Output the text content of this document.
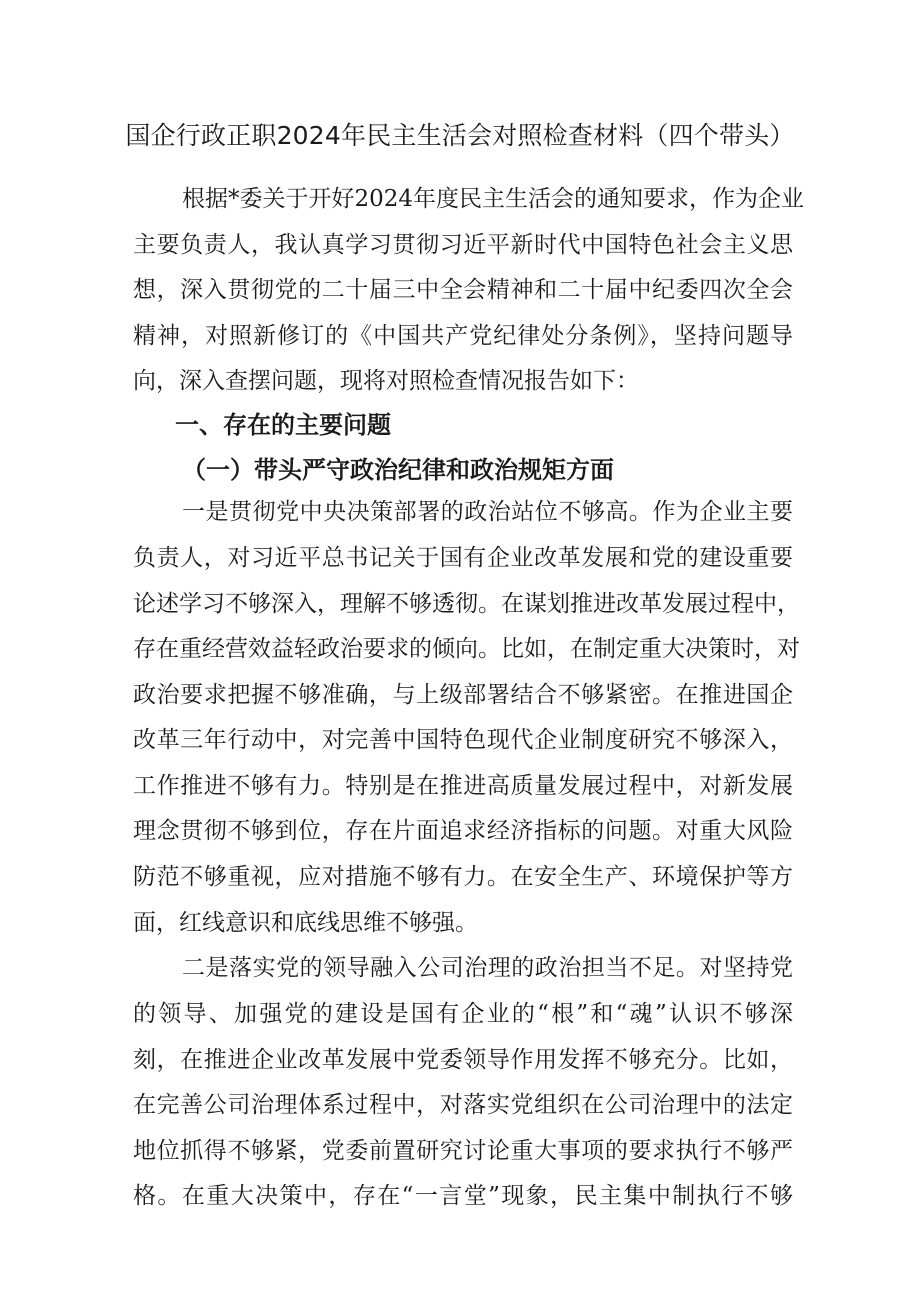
国企行政正职2024年民主生活会对照检查材料（四个带头）

根据*委关于开好2024年度民主生活会的通知要求，作为企业

主要负责人，我认真学习贯彻习近平新时代中国特色社会主义思

想，深入贯彻党的二十届三中全会精神和二十届中纪委四次全会

精神，对照新修订的《中国共产党纪律处分条例》，坚持问题导

向，深入查摆问题，现将对照检查情况报告如下：

一、存在的主要问题
（一）带头严守政治纪律和政治规矩方面

一是贯彻党中央决策部署的政治站位不够高。作为企业主要

负责人，对习近平总书记关于国有企业改革发展和党的建设重要

论述学习不够深入，理解不够透彻。在谋划推进改革发展过程中，

存在重经营效益轻政治要求的倾向。比如，在制定重大决策时，对

政治要求把握不够准确，与上级部署结合不够紧密。在推进国企

改革三年行动中，对完善中国特色现代企业制度研究不够深入，

工作推进不够有力。特别是在推进高质量发展过程中，对新发展

理念贯彻不够到位，存在片面追求经济指标的问题。对重大风险

防范不够重视，应对措施不够有力。在安全生产、环境保护等方

面，红线意识和底线思维不够强。

二是落实党的领导融入公司治理的政治担当不足。对坚持党

的领导、加强党的建设是国有企业的“根”和“魂”认识不够深

刻，在推进企业改革发展中党委领导作用发挥不够充分。比如，

在完善公司治理体系过程中，对落实党组织在公司治理中的法定

地位抓得不够紧，党委前置研究讨论重大事项的要求执行不够严

格。在重大决策中，存在“一言堂”现象，民主集中制执行不够
